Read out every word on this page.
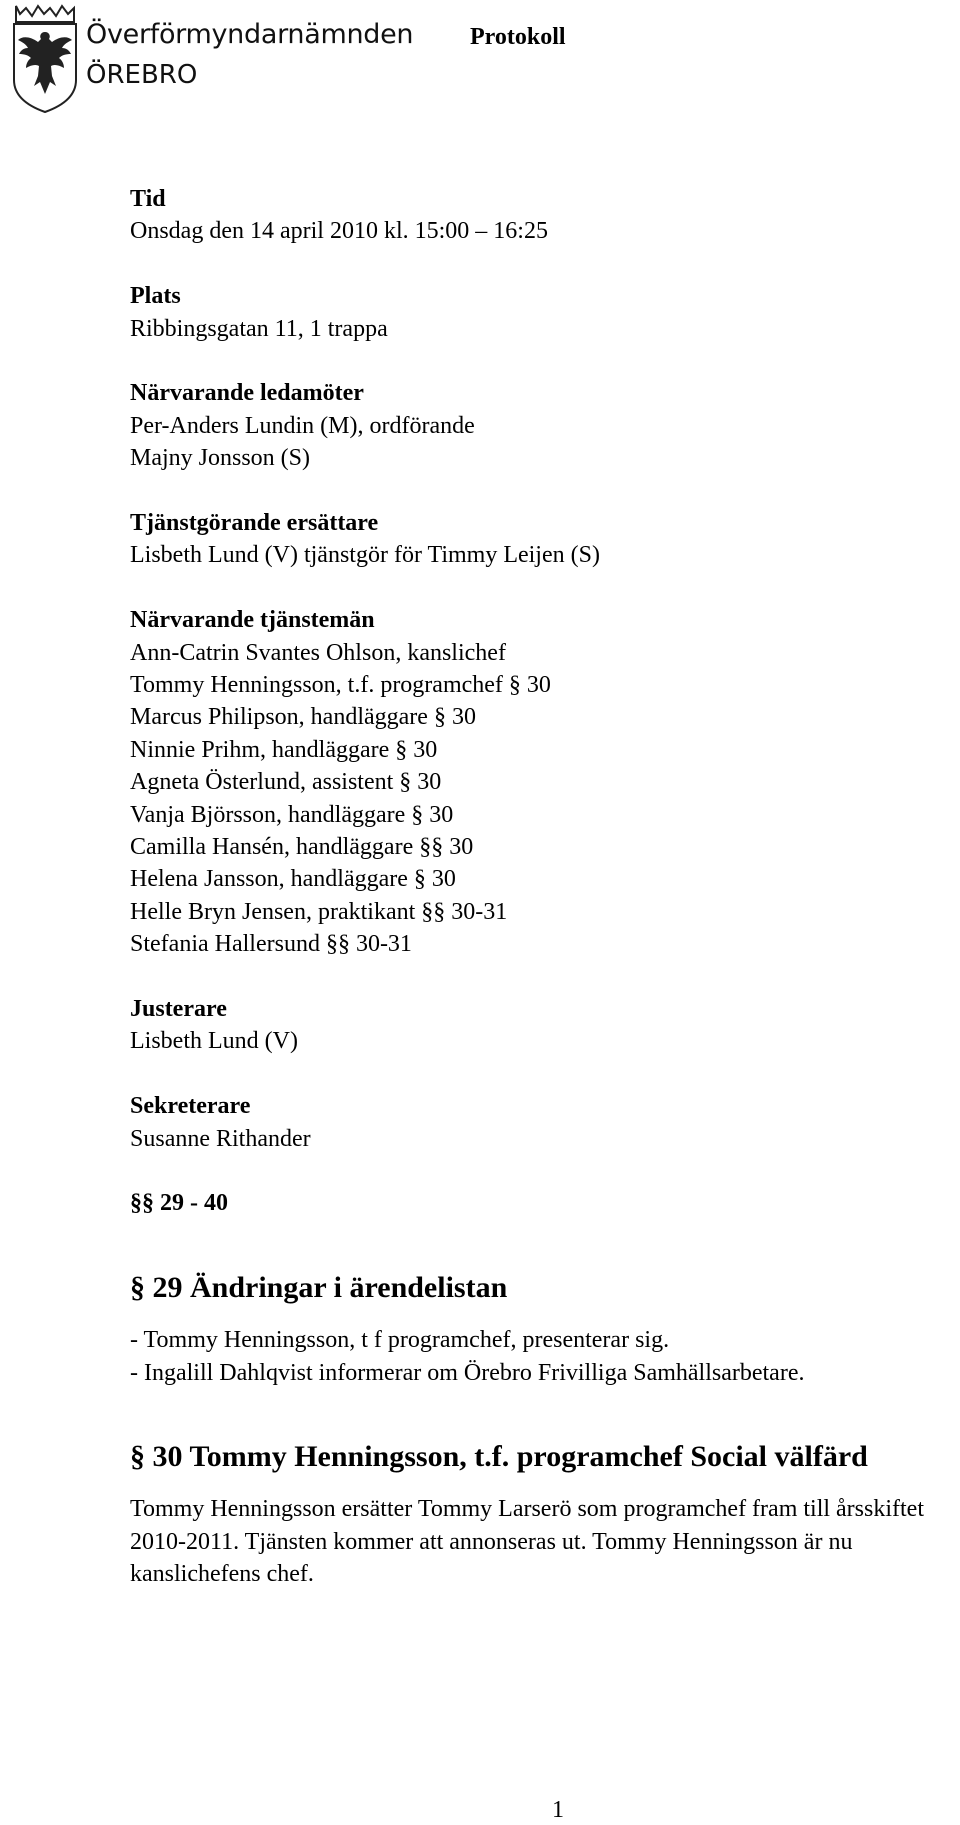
Överförmyndarnämnden
ÖREBRO
Protokoll
Tid
Onsdag den 14 april 2010 kl. 15:00 – 16:25
Plats
Ribbingsgatan 11, 1 trappa
Närvarande ledamöter
Per-Anders Lundin (M), ordförande
Majny Jonsson (S)
Tjänstgörande ersättare
Lisbeth Lund (V) tjänstgör för Timmy Leijen (S)
Närvarande tjänstemän
Ann-Catrin Svantes Ohlson, kanslichef
Tommy Henningsson, t.f. programchef § 30
Marcus Philipson, handläggare § 30
Ninnie Prihm, handläggare § 30
Agneta Österlund, assistent § 30
Vanja Björsson, handläggare § 30
Camilla Hansén, handläggare §§ 30
Helena Jansson, handläggare § 30
Helle Bryn Jensen, praktikant §§ 30-31
Stefania Hallersund §§ 30-31
Justerare
Lisbeth Lund (V)
Sekreterare
Susanne Rithander
§§ 29 - 40
§ 29 Ändringar i ärendelistan
- Tommy Henningsson, t f programchef, presenterar sig.
- Ingalill Dahlqvist informerar om Örebro Frivilliga Samhällsarbetare.
§ 30 Tommy Henningsson, t.f. programchef Social välfärd
Tommy Henningsson ersätter Tommy Larserö som programchef fram till årsskiftet 2010-2011. Tjänsten kommer att annonseras ut. Tommy Henningsson är nu kanslichefens chef.
1
